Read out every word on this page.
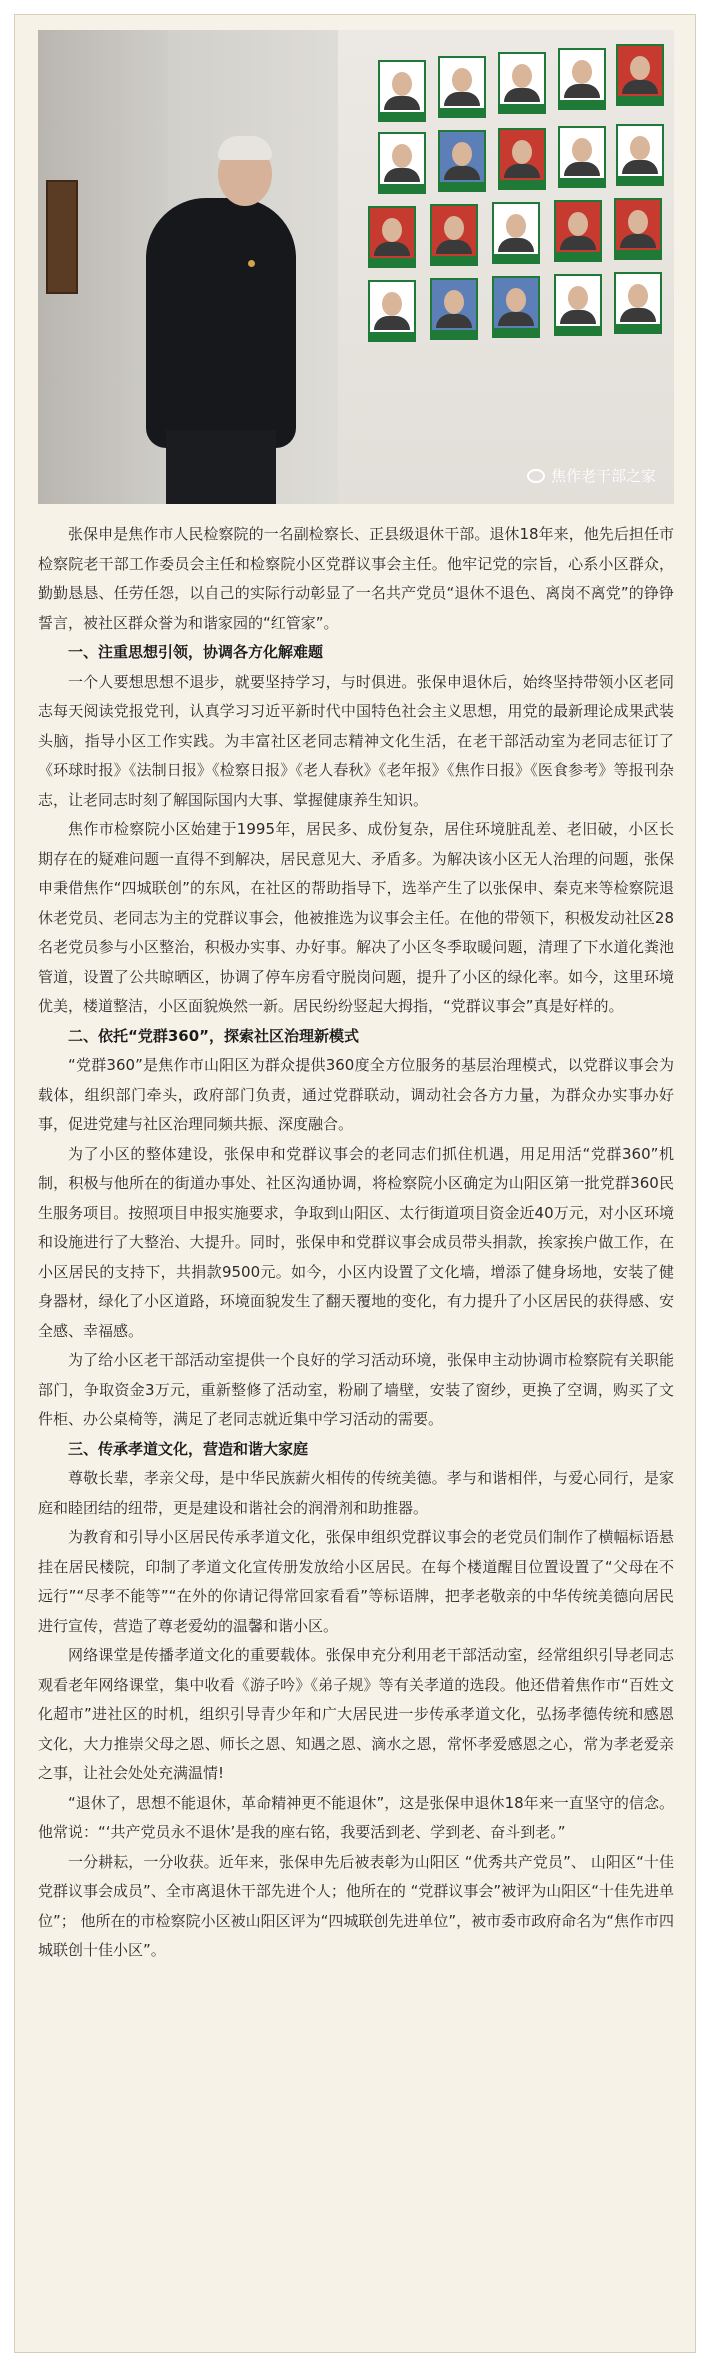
焦作老干部之家

张保申是焦作市人民检察院的一名副检察长、正县级退休干部。退休18年来，他先后担任市检察院老干部工作委员会主任和检察院小区党群议事会主任。他牢记党的宗旨，心系小区群众，勤勤恳恳、任劳任怨，以自己的实际行动彰显了一名共产党员“退休不退色、离岗不离党”的铮铮誓言，被社区群众誉为和谐家园的“红管家”。

一、注重思想引领，协调各方化解难题

一个人要想思想不退步，就要坚持学习，与时俱进。张保申退休后，始终坚持带领小区老同志每天阅读党报党刊，认真学习习近平新时代中国特色社会主义思想，用党的最新理论成果武装头脑，指导小区工作实践。为丰富社区老同志精神文化生活，在老干部活动室为老同志征订了《环球时报》《法制日报》《检察日报》《老人春秋》《老年报》《焦作日报》《医食参考》等报刊杂志，让老同志时刻了解国际国内大事、掌握健康养生知识。

焦作市检察院小区始建于1995年，居民多、成份复杂，居住环境脏乱差、老旧破，小区长期存在的疑难问题一直得不到解决，居民意见大、矛盾多。为解决该小区无人治理的问题，张保申秉借焦作“四城联创”的东风，在社区的帮助指导下，选举产生了以张保申、秦克来等检察院退休老党员、老同志为主的党群议事会，他被推选为议事会主任。在他的带领下，积极发动社区28名老党员参与小区整治，积极办实事、办好事。解决了小区冬季取暖问题，清理了下水道化粪池管道，设置了公共晾晒区，协调了停车房看守脱岗问题，提升了小区的绿化率。如今，这里环境优美，楼道整洁，小区面貌焕然一新。居民纷纷竖起大拇指，“党群议事会”真是好样的。

二、依托“党群360”，探索社区治理新模式

“党群360”是焦作市山阳区为群众提供360度全方位服务的基层治理模式，以党群议事会为载体，组织部门牵头，政府部门负责，通过党群联动，调动社会各方力量，为群众办实事办好事，促进党建与社区治理同频共振、深度融合。

为了小区的整体建设，张保申和党群议事会的老同志们抓住机遇，用足用活“党群360”机制，积极与他所在的街道办事处、社区沟通协调，将检察院小区确定为山阳区第一批党群360民生服务项目。按照项目申报实施要求，争取到山阳区、太行街道项目资金近40万元，对小区环境和设施进行了大整治、大提升。同时，张保申和党群议事会成员带头捐款，挨家挨户做工作，在小区居民的支持下，共捐款9500元。如今，小区内设置了文化墙，增添了健身场地，安装了健身器材，绿化了小区道路，环境面貌发生了翻天覆地的变化，有力提升了小区居民的获得感、安全感、幸福感。

为了给小区老干部活动室提供一个良好的学习活动环境，张保申主动协调市检察院有关职能部门，争取资金3万元，重新整修了活动室，粉刷了墙壁，安装了窗纱，更换了空调，购买了文件柜、办公桌椅等，满足了老同志就近集中学习活动的需要。

三、传承孝道文化，营造和谐大家庭

尊敬长辈，孝亲父母，是中华民族薪火相传的传统美德。孝与和谐相伴，与爱心同行，是家庭和睦团结的纽带，更是建设和谐社会的润滑剂和助推器。

为教育和引导小区居民传承孝道文化，张保申组织党群议事会的老党员们制作了横幅标语悬挂在居民楼院，印制了孝道文化宣传册发放给小区居民。在每个楼道醒目位置设置了“父母在不远行”“尽孝不能等”“在外的你请记得常回家看看”等标语牌，把孝老敬亲的中华传统美德向居民进行宣传，营造了尊老爱幼的温馨和谐小区。

网络课堂是传播孝道文化的重要载体。张保申充分利用老干部活动室，经常组织引导老同志观看老年网络课堂，集中收看《游子吟》《弟子规》等有关孝道的选段。他还借着焦作市“百姓文化超市”进社区的时机，组织引导青少年和广大居民进一步传承孝道文化，弘扬孝德传统和感恩文化，大力推崇父母之恩、师长之恩、知遇之恩、滴水之恩，常怀孝爱感恩之心，常为孝老爱亲之事，让社会处处充满温情!

“退休了，思想不能退休，革命精神更不能退休”，这是张保申退休18年来一直坚守的信念。他常说：“‘共产党员永不退休’是我的座右铭，我要活到老、学到老、奋斗到老。”

一分耕耘，一分收获。近年来，张保申先后被表彰为山阳区 “优秀共产党员”、 山阳区“十佳党群议事会成员”、全市离退休干部先进个人；他所在的 “党群议事会”被评为山阳区“十佳先进单位”； 他所在的市检察院小区被山阳区评为“四城联创先进单位”，被市委市政府命名为“焦作市四城联创十佳小区”。
